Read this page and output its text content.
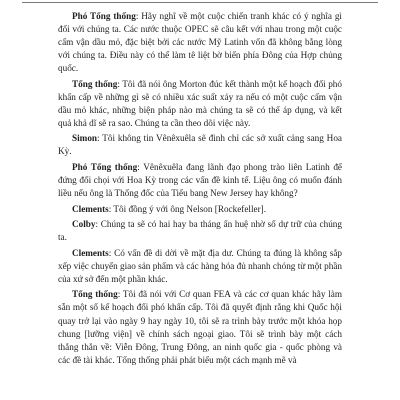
Phó Tổng thống: Hãy nghĩ về một cuộc chiến tranh khác có ý nghĩa gì đối với chúng ta. Các nước thuộc OPEC sẽ câu kết với nhau trong một cuộc cấm vận dầu mỏ, đặc biệt bởi các nước Mỹ Latinh vốn đã không bằng lòng với chúng ta. Điều này có thể làm tê liệt bờ biển phía Đông của Hợp chủng quốc.

Tổng thống: Tôi đã nói ông Morton đúc kết thành một kế hoạch đối phó khẩn cấp về những gì sẽ có nhiều xác suất xảy ra nếu có một cuộc cấm vận dầu mỏ khác, những biện pháp nào mà chúng ta sẽ có thể áp dụng, và kết quả khả dĩ sẽ ra sao. Chúng ta cần theo dõi việc này.

Simon: Tôi không tin Vênêxuêla sẽ đình chỉ các sở xuất cảng sang Hoa Kỳ.

Phó Tổng thống: Vênêxuêla đang lãnh đạo phong trào liên Latinh để đứng đối chọi với Hoa Kỳ trong các vấn đề kinh tế. Liệu ông có muốn đánh liều nếu ông là Thống đốc của Tiểu bang New Jersey hay không?

Clements: Tôi đồng ý với ông Nelson [Rockefeller].

Colby: Chúng ta sẽ có hai hay ba tháng ẩn huệ nhờ số dự trữ của chúng ta.

Clements: Có vấn đề di dời về mặt địa dư. Chúng ta đúng là không sắp xếp việc chuyển giao sản phẩm và các hàng hóa đủ nhanh chóng từ một phần của xứ sở đến một phần khác.

Tổng thống: Tôi đã nói với Cơ quan FEA và các cơ quan khác hãy làm sẵn một số kế hoạch đối phó khẩn cấp. Tôi đã quyết định rằng khi Quốc hội quay trở lại vào ngày 9 hay ngày 10, tôi sẽ ra trình bày trước một khóa họp chung [lưỡng viện] về chính sách ngoại giao. Tôi sẽ trình bày một cách thẳng thắn về: Viễn Đông, Trung Đông, an ninh quốc gia - quốc phòng và các đề tài khác. Tổng thống phải phát biểu một cách mạnh mẽ và
